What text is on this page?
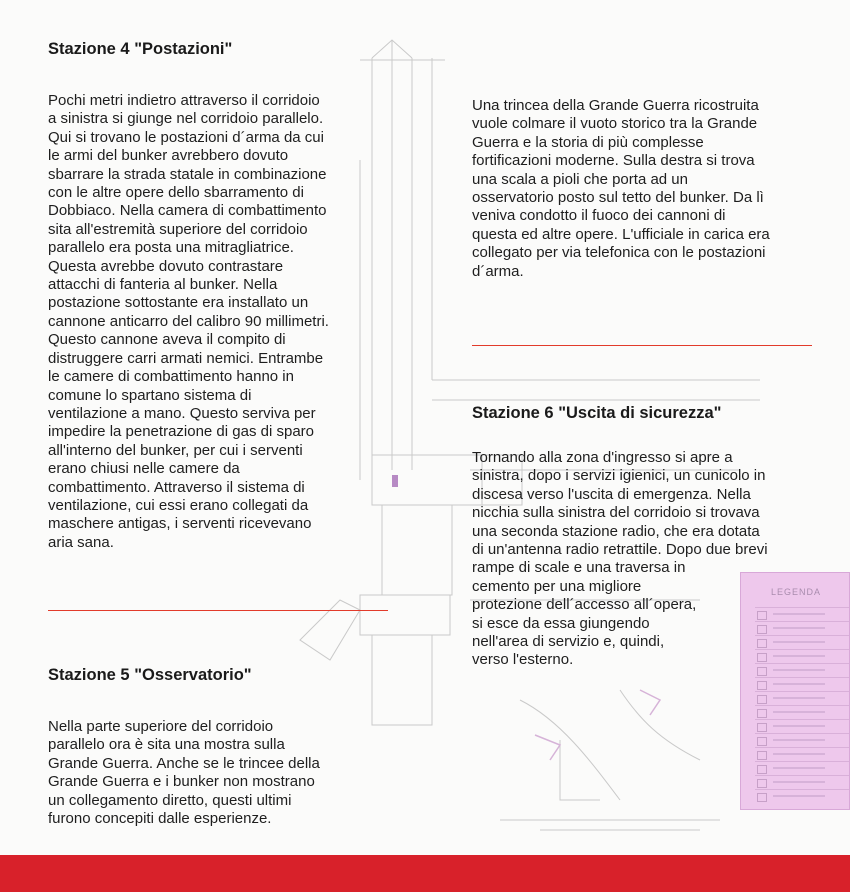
Stazione 4 "Postazioni"
Pochi metri indietro attraverso il corridoio
a sinistra si giunge nel corridoio parallelo.
Qui si trovano le postazioni d´arma da cui
le armi del bunker avrebbero dovuto
sbarrare la strada statale in combinazione
con le altre opere dello sbarramento di
Dobbiaco. Nella camera di combattimento
sita all'estremità superiore del corridoio
parallelo era posta una mitragliatrice.
Questa avrebbe dovuto contrastare
attacchi di fanteria al bunker. Nella
postazione sottostante era installato un
cannone anticarro del calibro 90 millimetri.
Questo cannone aveva il compito di
distruggere carri armati nemici. Entrambe
le camere di combattimento hanno in
comune lo spartano sistema di
ventilazione a mano. Questo serviva per
impedire la penetrazione di gas di sparo
all'interno del bunker, per cui i serventi
erano chiusi nelle camere da
combattimento. Attraverso il sistema di
ventilazione, cui essi erano collegati da
maschere antigas, i serventi ricevevano
aria sana.
Una trincea della Grande Guerra ricostruita
vuole colmare il vuoto storico tra la Grande
Guerra e la storia di più complesse
fortificazioni moderne. Sulla destra si trova
una scala a pioli che porta ad un
osservatorio posto sul tetto del bunker. Da lì
veniva condotto il fuoco dei cannoni di
questa ed altre opere. L'ufficiale in carica era
collegato per via telefonica con le postazioni
d´arma.
Stazione 6 "Uscita di sicurezza"
Tornando alla zona d'ingresso si apre a
sinistra, dopo i servizi igienici, un cunicolo in
discesa verso l'uscita di emergenza. Nella
nicchia sulla sinistra del corridoio si trovava
una seconda stazione radio, che era dotata
di un'antenna radio retrattile. Dopo due brevi
rampe di scale e una traversa in
cemento per una migliore
protezione dell´accesso all´opera,
si esce da essa giungendo
nell'area di servizio e, quindi,
verso l'esterno.
Stazione 5 "Osservatorio"
Nella parte superiore del corridoio
parallelo ora è sita una mostra sulla
Grande Guerra. Anche se le trincee della
Grande Guerra e i bunker non mostrano
un collegamento diretto, questi ultimi
furono concepiti dalle esperienze.
LEGENDA
